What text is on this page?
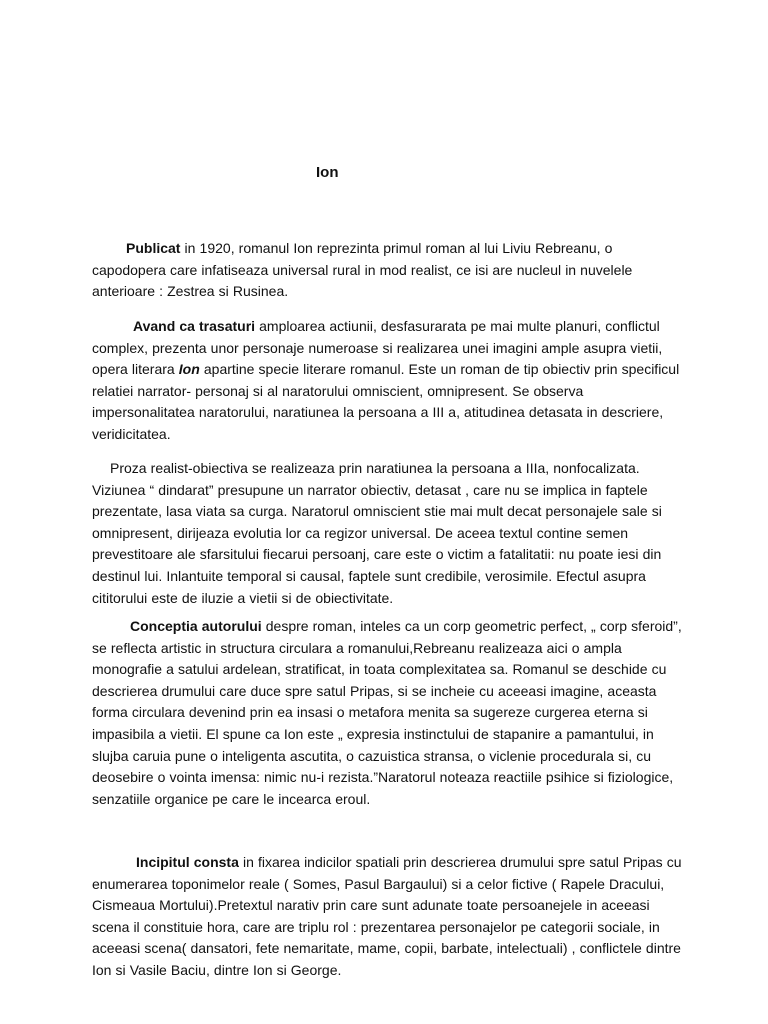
Ion

Publicat in 1920, romanul Ion reprezinta primul roman al lui Liviu Rebreanu, o capodopera care infatiseaza universal rural in mod realist, ce isi are nucleul in nuvelele anterioare : Zestrea si Rusinea.

Avand ca trasaturi amploarea actiunii, desfasurarata pe mai multe planuri, conflictul complex, prezenta unor personaje numeroase si realizarea unei imagini ample asupra vietii, opera literara Ion apartine specie literare romanul. Este un roman de tip obiectiv prin specificul relatiei narrator- personaj si al naratorului omniscient, omnipresent. Se observa impersonalitatea naratorului, naratiunea la persoana a III a, atitudinea detasata in descriere, veridicitatea.

Proza realist-obiectiva se realizeaza prin naratiunea la persoana a IIIa, nonfocalizata. Viziunea “ dindarat” presupune un narrator obiectiv, detasat , care nu se implica in faptele prezentate, lasa viata sa curga. Naratorul omniscient stie mai mult decat personajele sale si omnipresent, dirijeaza evolutia lor ca regizor universal. De aceea textul contine semen prevestitoare ale sfarsitului fiecarui persoanj, care este o victim a fatalitatii: nu poate iesi din destinul lui. Inlantuite temporal si causal, faptele sunt credibile, verosimile. Efectul asupra cititorului este de iluzie a vietii si de obiectivitate.

Conceptia autorului despre roman, inteles ca un corp geometric perfect, „ corp sferoid”, se reflecta artistic in structura circulara a romanului,Rebreanu realizeaza aici o ampla monografie a satului ardelean, stratificat, in toata complexitatea sa. Romanul se deschide cu descrierea drumului care duce spre satul Pripas, si se incheie cu aceeasi imagine, aceasta forma circulara devenind prin ea insasi o metafora menita sa sugereze curgerea eterna si impasibila a vietii. El spune ca Ion este „ expresia instinctului de stapanire a pamantului, in slujba caruia pune o inteligenta ascutita, o cazuistica stransa, o viclenie procedurala si, cu deosebire o vointa imensa: nimic nu-i rezista.”Naratorul noteaza reactiile psihice si fiziologice, senzatiile organice pe care le incearca eroul.

Incipitul consta in fixarea indicilor spatiali prin descrierea drumului spre satul Pripas cu enumerarea toponimelor reale ( Somes, Pasul Bargaului) si a celor fictive ( Rapele Dracului, Cismeaua Mortului).Pretextul narativ prin care sunt adunate toate persoanejele in aceeasi scena il constituie hora, care are triplu rol : prezentarea personajelor pe categorii sociale, in aceeasi scena( dansatori, fete nemaritate, mame, copii, barbate, intelectuali) , conflictele dintre Ion si Vasile Baciu, dintre Ion si George.
